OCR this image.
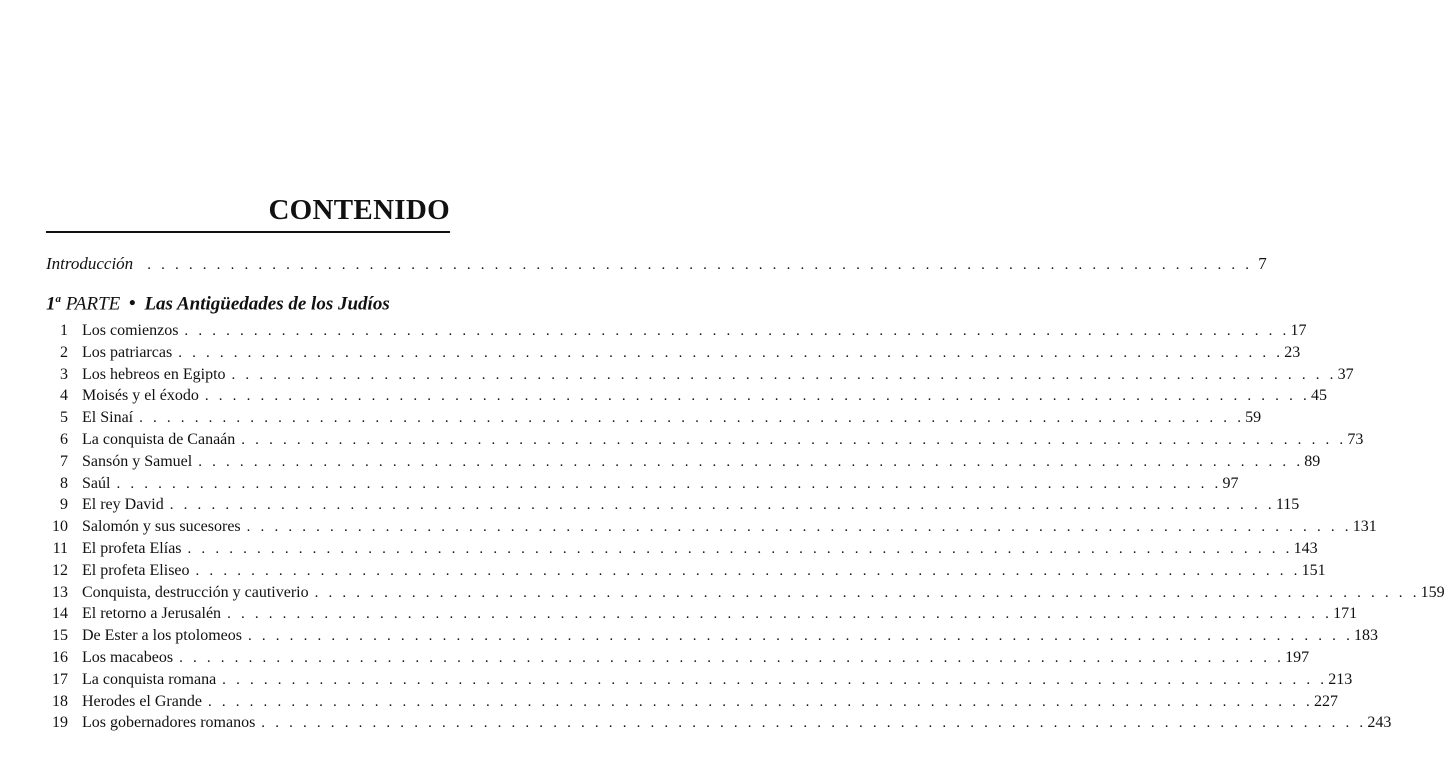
CONTENIDO
Introducción . . . . . . . . . . . . . . . . . . . . . . . . . . . . . . . . . . . . . . . . . . . . . . . . . . . . . . . . . . . . . . . . . . . . . . . . . . . . . . . . 7
1$^a$ PARTE • Las Antigüedades de los Judíos
1 Los comienzos . . . . . . . . . . . . . . . . . . . . . . . . . . . . . . . . . . . . . . . . . . . . . . . . . . . . . . . . . . . . . . . . . . . . . . . . . . . . . . . . 17
2 Los patriarcas . . . . . . . . . . . . . . . . . . . . . . . . . . . . . . . . . . . . . . . . . . . . . . . . . . . . . . . . . . . . . . . . . . . . . . . . . . . . . . . . 23
3 Los hebreos en Egipto . . . . . . . . . . . . . . . . . . . . . . . . . . . . . . . . . . . . . . . . . . . . . . . . . . . . . . . . . . . . . . . . . . . . . . . . . . . . . . . . 37
4 Moisés y el éxodo . . . . . . . . . . . . . . . . . . . . . . . . . . . . . . . . . . . . . . . . . . . . . . . . . . . . . . . . . . . . . . . . . . . . . . . . . . . . . . . . 45
5 El Sinaí . . . . . . . . . . . . . . . . . . . . . . . . . . . . . . . . . . . . . . . . . . . . . . . . . . . . . . . . . . . . . . . . . . . . . . . . . . . . . . . . 59
6 La conquista de Canaán . . . . . . . . . . . . . . . . . . . . . . . . . . . . . . . . . . . . . . . . . . . . . . . . . . . . . . . . . . . . . . . . . . . . . . . . . . . . . . . . 73
7 Sansón y Samuel . . . . . . . . . . . . . . . . . . . . . . . . . . . . . . . . . . . . . . . . . . . . . . . . . . . . . . . . . . . . . . . . . . . . . . . . . . . . . . . . 89
8 Saúl . . . . . . . . . . . . . . . . . . . . . . . . . . . . . . . . . . . . . . . . . . . . . . . . . . . . . . . . . . . . . . . . . . . . . . . . . . . . . . . . 97
9 El rey David . . . . . . . . . . . . . . . . . . . . . . . . . . . . . . . . . . . . . . . . . . . . . . . . . . . . . . . . . . . . . . . . . . . . . . . . . . . . . . . . 115
10 Salomón y sus sucesores . . . . . . . . . . . . . . . . . . . . . . . . . . . . . . . . . . . . . . . . . . . . . . . . . . . . . . . . . . . . . . . . . . . . . . . . . . . . . . . . 131
11 El profeta Elías . . . . . . . . . . . . . . . . . . . . . . . . . . . . . . . . . . . . . . . . . . . . . . . . . . . . . . . . . . . . . . . . . . . . . . . . . . . . . . . . 143
12 El profeta Eliseo . . . . . . . . . . . . . . . . . . . . . . . . . . . . . . . . . . . . . . . . . . . . . . . . . . . . . . . . . . . . . . . . . . . . . . . . . . . . . . . . 151
13 Conquista, destrucción y cautiverio . . . . . . . . . . . . . . . . . . . . . . . . . . . . . . . . . . . . . . . . . . . . . . . . . . . . . . . . . . . . . . . . . . . . . . . . . . . . . . . . 159
14 El retorno a Jerusalén . . . . . . . . . . . . . . . . . . . . . . . . . . . . . . . . . . . . . . . . . . . . . . . . . . . . . . . . . . . . . . . . . . . . . . . . . . . . . . . . 171
15 De Ester a los ptolomeos . . . . . . . . . . . . . . . . . . . . . . . . . . . . . . . . . . . . . . . . . . . . . . . . . . . . . . . . . . . . . . . . . . . . . . . . . . . . . . . . 183
16 Los macabeos . . . . . . . . . . . . . . . . . . . . . . . . . . . . . . . . . . . . . . . . . . . . . . . . . . . . . . . . . . . . . . . . . . . . . . . . . . . . . . . . 197
17 La conquista romana . . . . . . . . . . . . . . . . . . . . . . . . . . . . . . . . . . . . . . . . . . . . . . . . . . . . . . . . . . . . . . . . . . . . . . . . . . . . . . . . 213
18 Herodes el Grande . . . . . . . . . . . . . . . . . . . . . . . . . . . . . . . . . . . . . . . . . . . . . . . . . . . . . . . . . . . . . . . . . . . . . . . . . . . . . . . . 227
19 Los gobernadores romanos . . . . . . . . . . . . . . . . . . . . . . . . . . . . . . . . . . . . . . . . . . . . . . . . . . . . . . . . . . . . . . . . . . . . . . . . . . . . . . . . 243
